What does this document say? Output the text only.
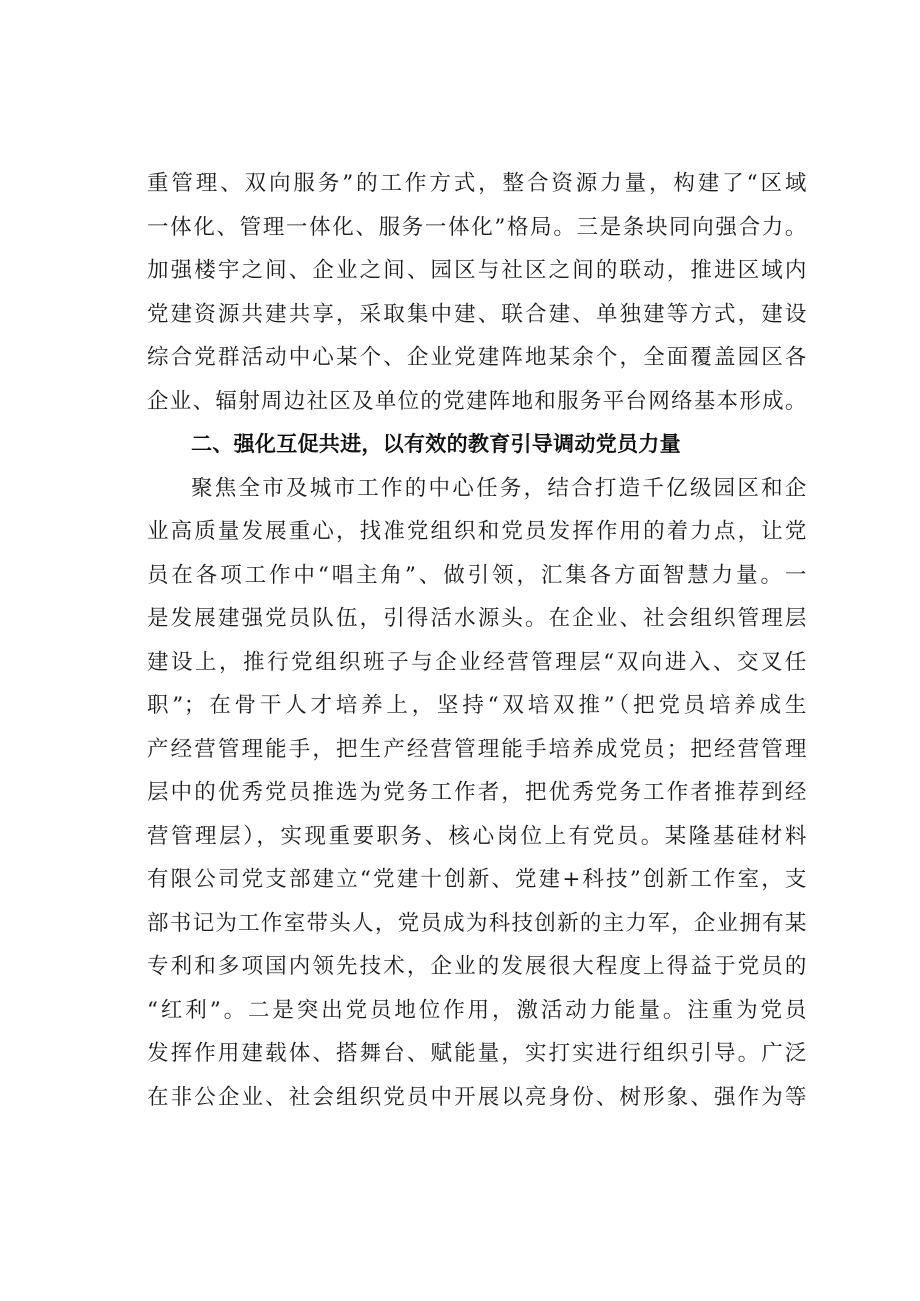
重管理、双向服务”的工作方式，整合资源力量，构建了“区域
一体化、管理一体化、服务一体化”格局。三是条块同向强合力。
加强楼宇之间、企业之间、园区与社区之间的联动，推进区域内
党建资源共建共享，采取集中建、联合建、单独建等方式，建设
综合党群活动中心某个、企业党建阵地某余个，全面覆盖园区各
企业、辐射周边社区及单位的党建阵地和服务平台网络基本形成。
二、强化互促共进，以有效的教育引导调动党员力量
聚焦全市及城市工作的中心任务，结合打造千亿级园区和企
业高质量发展重心，找准党组织和党员发挥作用的着力点，让党
员在各项工作中“唱主角”、做引领，汇集各方面智慧力量。一
是发展建强党员队伍，引得活水源头。在企业、社会组织管理层
建设上，推行党组织班子与企业经营管理层“双向进入、交叉任
职”；在骨干人才培养上，坚持“双培双推”（把党员培养成生
产经营管理能手，把生产经营管理能手培养成党员；把经营管理
层中的优秀党员推选为党务工作者，把优秀党务工作者推荐到经
营管理层），实现重要职务、核心岗位上有党员。某隆基硅材料
有限公司党支部建立“党建十创新、党建+科技”创新工作室，支
部书记为工作室带头人，党员成为科技创新的主力军，企业拥有某
专利和多项国内领先技术，企业的发展很大程度上得益于党员的
“红利”。二是突出党员地位作用，激活动力能量。注重为党员
发挥作用建载体、搭舞台、赋能量，实打实进行组织引导。广泛
在非公企业、社会组织党员中开展以亮身份、树形象、强作为等
